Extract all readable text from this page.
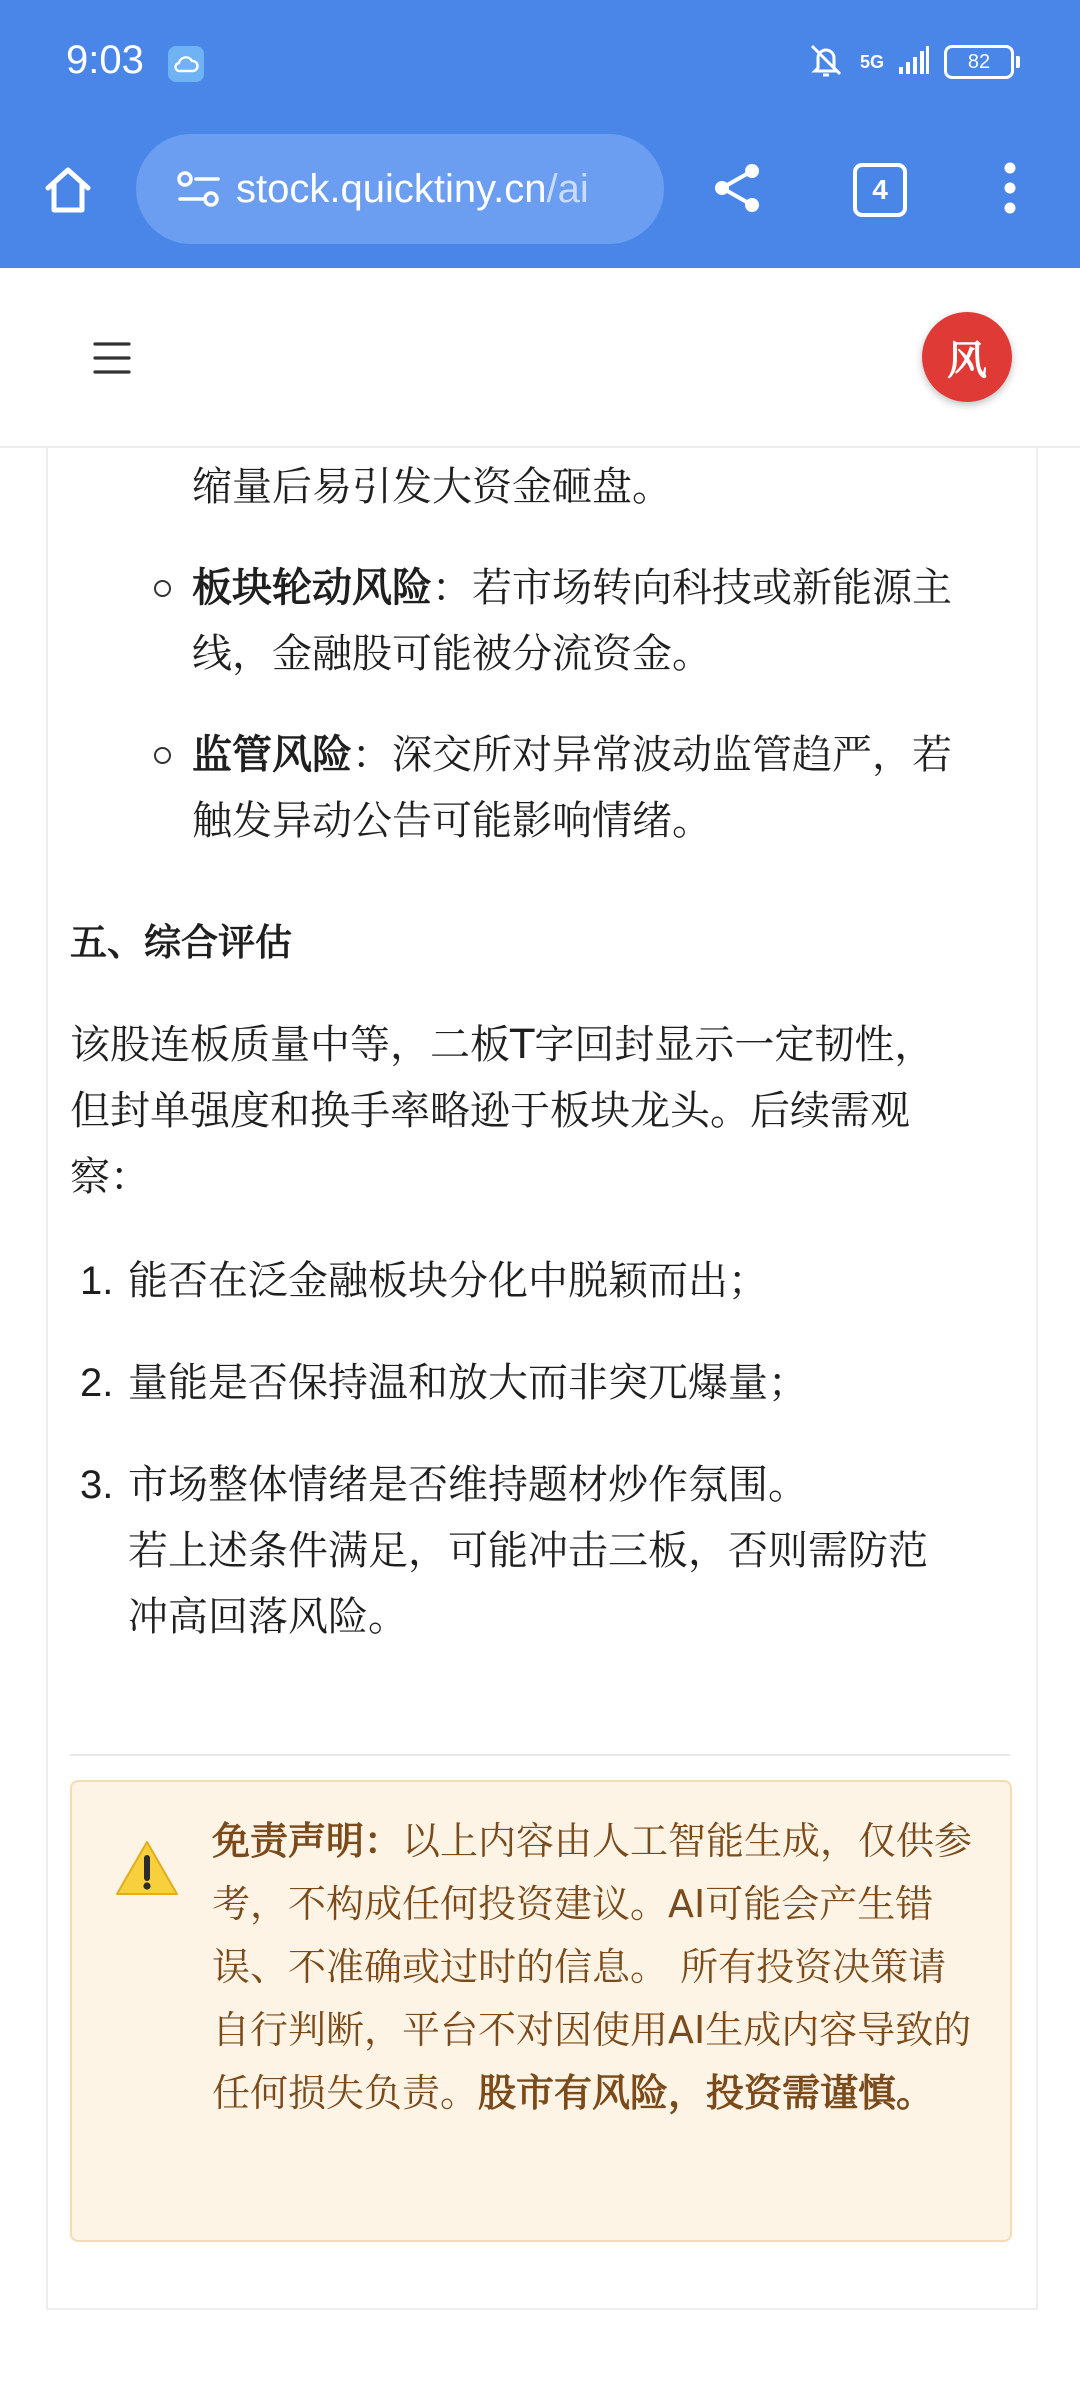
9:03	5G	82
stock.quicktiny.cn/ai	4
风
缩量后易引发大资金砸盘。
板块轮动风险：若市场转向科技或新能源主
线，金融股可能被分流资金。
监管风险：深交所对异常波动监管趋严，若
触发异动公告可能影响情绪。
五、综合评估
该股连板质量中等，二板T字回封显示一定韧性，
但封单强度和换手率略逊于板块龙头。后续需观
察：
1. 能否在泛金融板块分化中脱颖而出；
2. 量能是否保持温和放大而非突兀爆量；
3. 市场整体情绪是否维持题材炒作氛围。
若上述条件满足，可能冲击三板，否则需防范
冲高回落风险。
免责声明：以上内容由人工智能生成，仅供参考，不构成任何投资建议。AI可能会产生错误、不准确或过时的信息。 所有投资决策请自行判断，平台不对因使用AI生成内容导致的任何损失负责。股市有风险，投资需谨慎。
